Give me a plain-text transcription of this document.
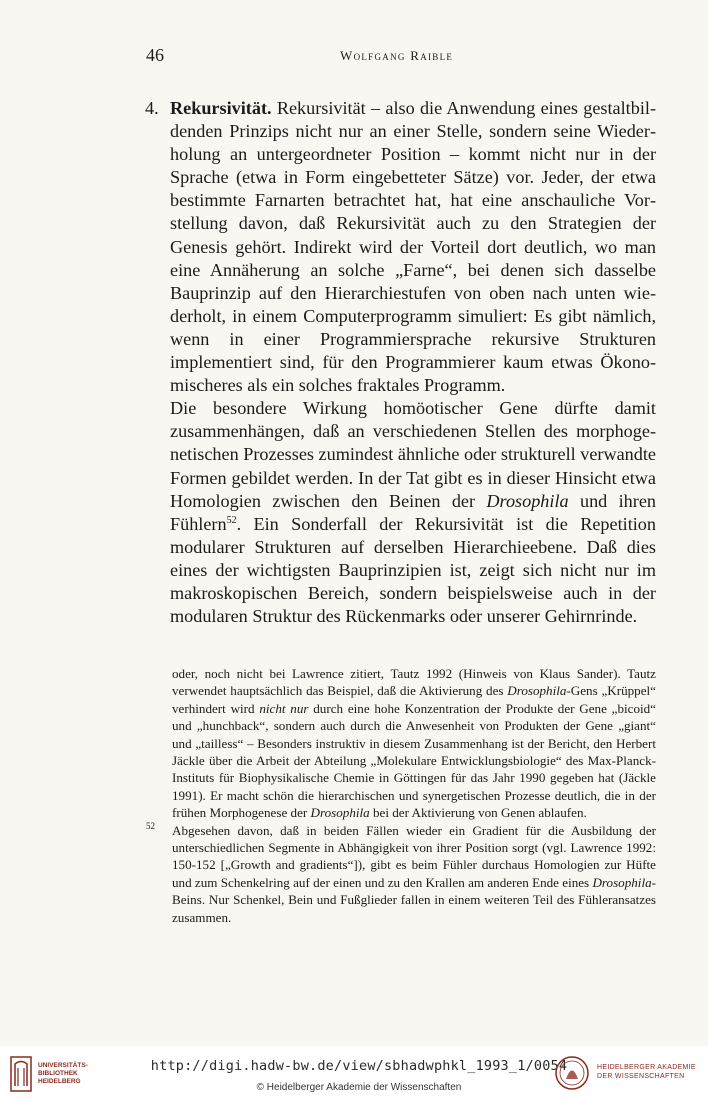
46	Wolfgang Raible

4. Rekursivität. Rekursivität – also die Anwendung eines gestaltbildenden Prinzips nicht nur an einer Stelle, sondern seine Wiederholung an untergeordneter Position – kommt nicht nur in der Sprache (etwa in Form eingebetteter Sätze) vor. Jeder, der etwa bestimmte Farnarten betrachtet hat, hat eine anschauliche Vorstellung davon, daß Rekursivität auch zu den Strategien der Genesis gehört. Indirekt wird der Vorteil dort deutlich, wo man eine Annäherung an solche „Farne“, bei denen sich dasselbe Bauprinzip auf den Hierarchiestufen von oben nach unten wiederholt, in einem Computerprogramm simuliert: Es gibt nämlich, wenn in einer Programmiersprache rekursive Strukturen implementiert sind, für den Programmierer kaum etwas Ökonomischeres als ein solches fraktales Programm.

Die besondere Wirkung homöotischer Gene dürfte damit zusammenhängen, daß an verschiedenen Stellen des morphogenetischen Prozesses zumindest ähnliche oder strukturell verwandte Formen gebildet werden. In der Tat gibt es in dieser Hinsicht etwa Homologien zwischen den Beinen der Drosophila und ihren Fühlern$^{52}$. Ein Sonderfall der Rekursivität ist die Repetition modularer Strukturen auf derselben Hierarchieebene. Daß dies eines der wichtigsten Bauprinzipien ist, zeigt sich nicht nur im makroskopischen Bereich, sondern beispielsweise auch in der modularen Struktur des Rückenmarks oder unserer Gehirnrinde.

oder, noch nicht bei Lawrence zitiert, Tautz 1992 (Hinweis von Klaus Sander). Tautz verwendet hauptsächlich das Beispiel, daß die Aktivierung des Drosophila-Gens „Krüppel“ verhindert wird nicht nur durch eine hohe Konzentration der Produkte der Gene „bicoid“ und „hunchback“, sondern auch durch die Anwesenheit von Produkten der Gene „giant“ und „tailless“ – Besonders instruktiv in diesem Zusammenhang ist der Bericht, den Herbert Jäckle über die Arbeit der Abteilung „Molekulare Entwicklungsbiologie“ des Max-Planck-Instituts für Biophysikalische Chemie in Göttingen für das Jahr 1990 gegeben hat (Jäckle 1991). Er macht schön die hierarchischen und synergetischen Prozesse deutlich, die in der frühen Morphogenese der Drosophila bei der Aktivierung von Genen ablaufen.

52 Abgesehen davon, daß in beiden Fällen wieder ein Gradient für die Ausbildung der unterschiedlichen Segmente in Abhängigkeit von ihrer Position sorgt (vgl. Lawrence 1992: 150-152 [„Growth and gradients“]), gibt es beim Fühler durchaus Homologien zur Hüfte und zum Schenkelring auf der einen und zu den Krallen am anderen Ende eines Drosophila-Beins. Nur Schenkel, Bein und Fußglieder fallen in einem weiteren Teil des Fühleransatzes zusammen.

UNIVERSITÄTS-
BIBLIOTHEK
HEIDELBERG
http://digi.hadw-bw.de/view/sbhadwphkl_1993_1/0054
© Heidelberger Akademie der Wissenschaften
HEIDELBERGER AKADEMIE
DER WISSENSCHAFTEN
